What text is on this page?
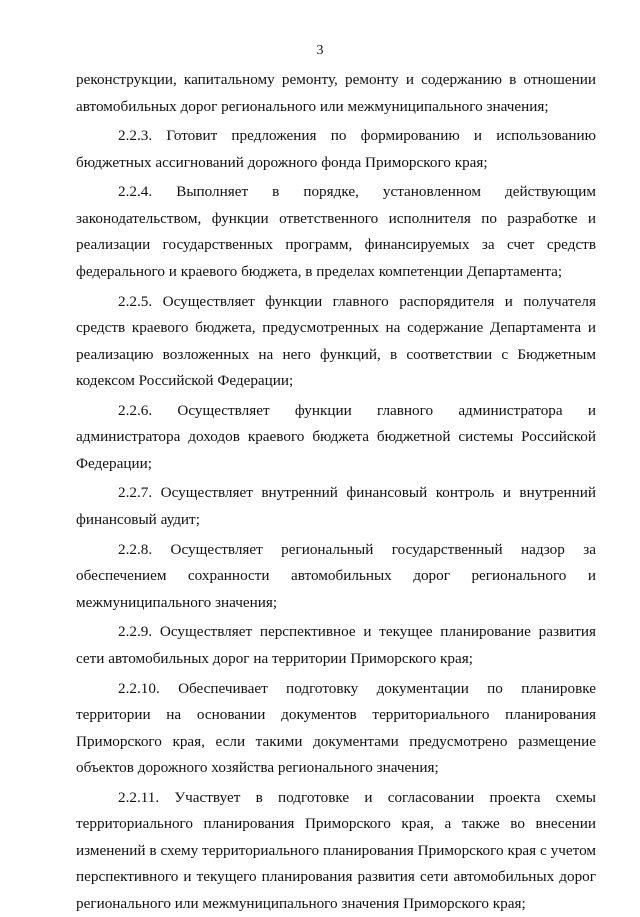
3

реконструкции, капитальному ремонту, ремонту и содержанию в отношении автомобильных дорог регионального или межмуниципального значения;

2.2.3. Готовит предложения по формированию и использованию бюджетных ассигнований дорожного фонда Приморского края;

2.2.4. Выполняет в порядке, установленном действующим законодательством, функции ответственного исполнителя по разработке и реализации государственных программ, финансируемых за счет средств федерального и краевого бюджета, в пределах компетенции Департамента;

2.2.5. Осуществляет функции главного распорядителя и получателя средств краевого бюджета, предусмотренных на содержание Департамента и реализацию возложенных на него функций, в соответствии с Бюджетным кодексом Российской Федерации;

2.2.6. Осуществляет функции главного администратора и администратора доходов краевого бюджета бюджетной системы Российской Федерации;

2.2.7. Осуществляет внутренний финансовый контроль и внутренний финансовый аудит;

2.2.8. Осуществляет региональный государственный надзор за обеспечением сохранности автомобильных дорог регионального и межмуниципального значения;

2.2.9. Осуществляет перспективное и текущее планирование развития сети автомобильных дорог на территории Приморского края;

2.2.10. Обеспечивает подготовку документации по планировке территории на основании документов территориального планирования Приморского края, если такими документами предусмотрено размещение объектов дорожного хозяйства регионального значения;

2.2.11. Участвует в подготовке и согласовании проекта схемы территориального планирования Приморского края, а также во внесении изменений в схему территориального планирования Приморского края с учетом перспективного и текущего планирования развития сети автомобильных дорог регионального или межмуниципального значения Приморского края;
